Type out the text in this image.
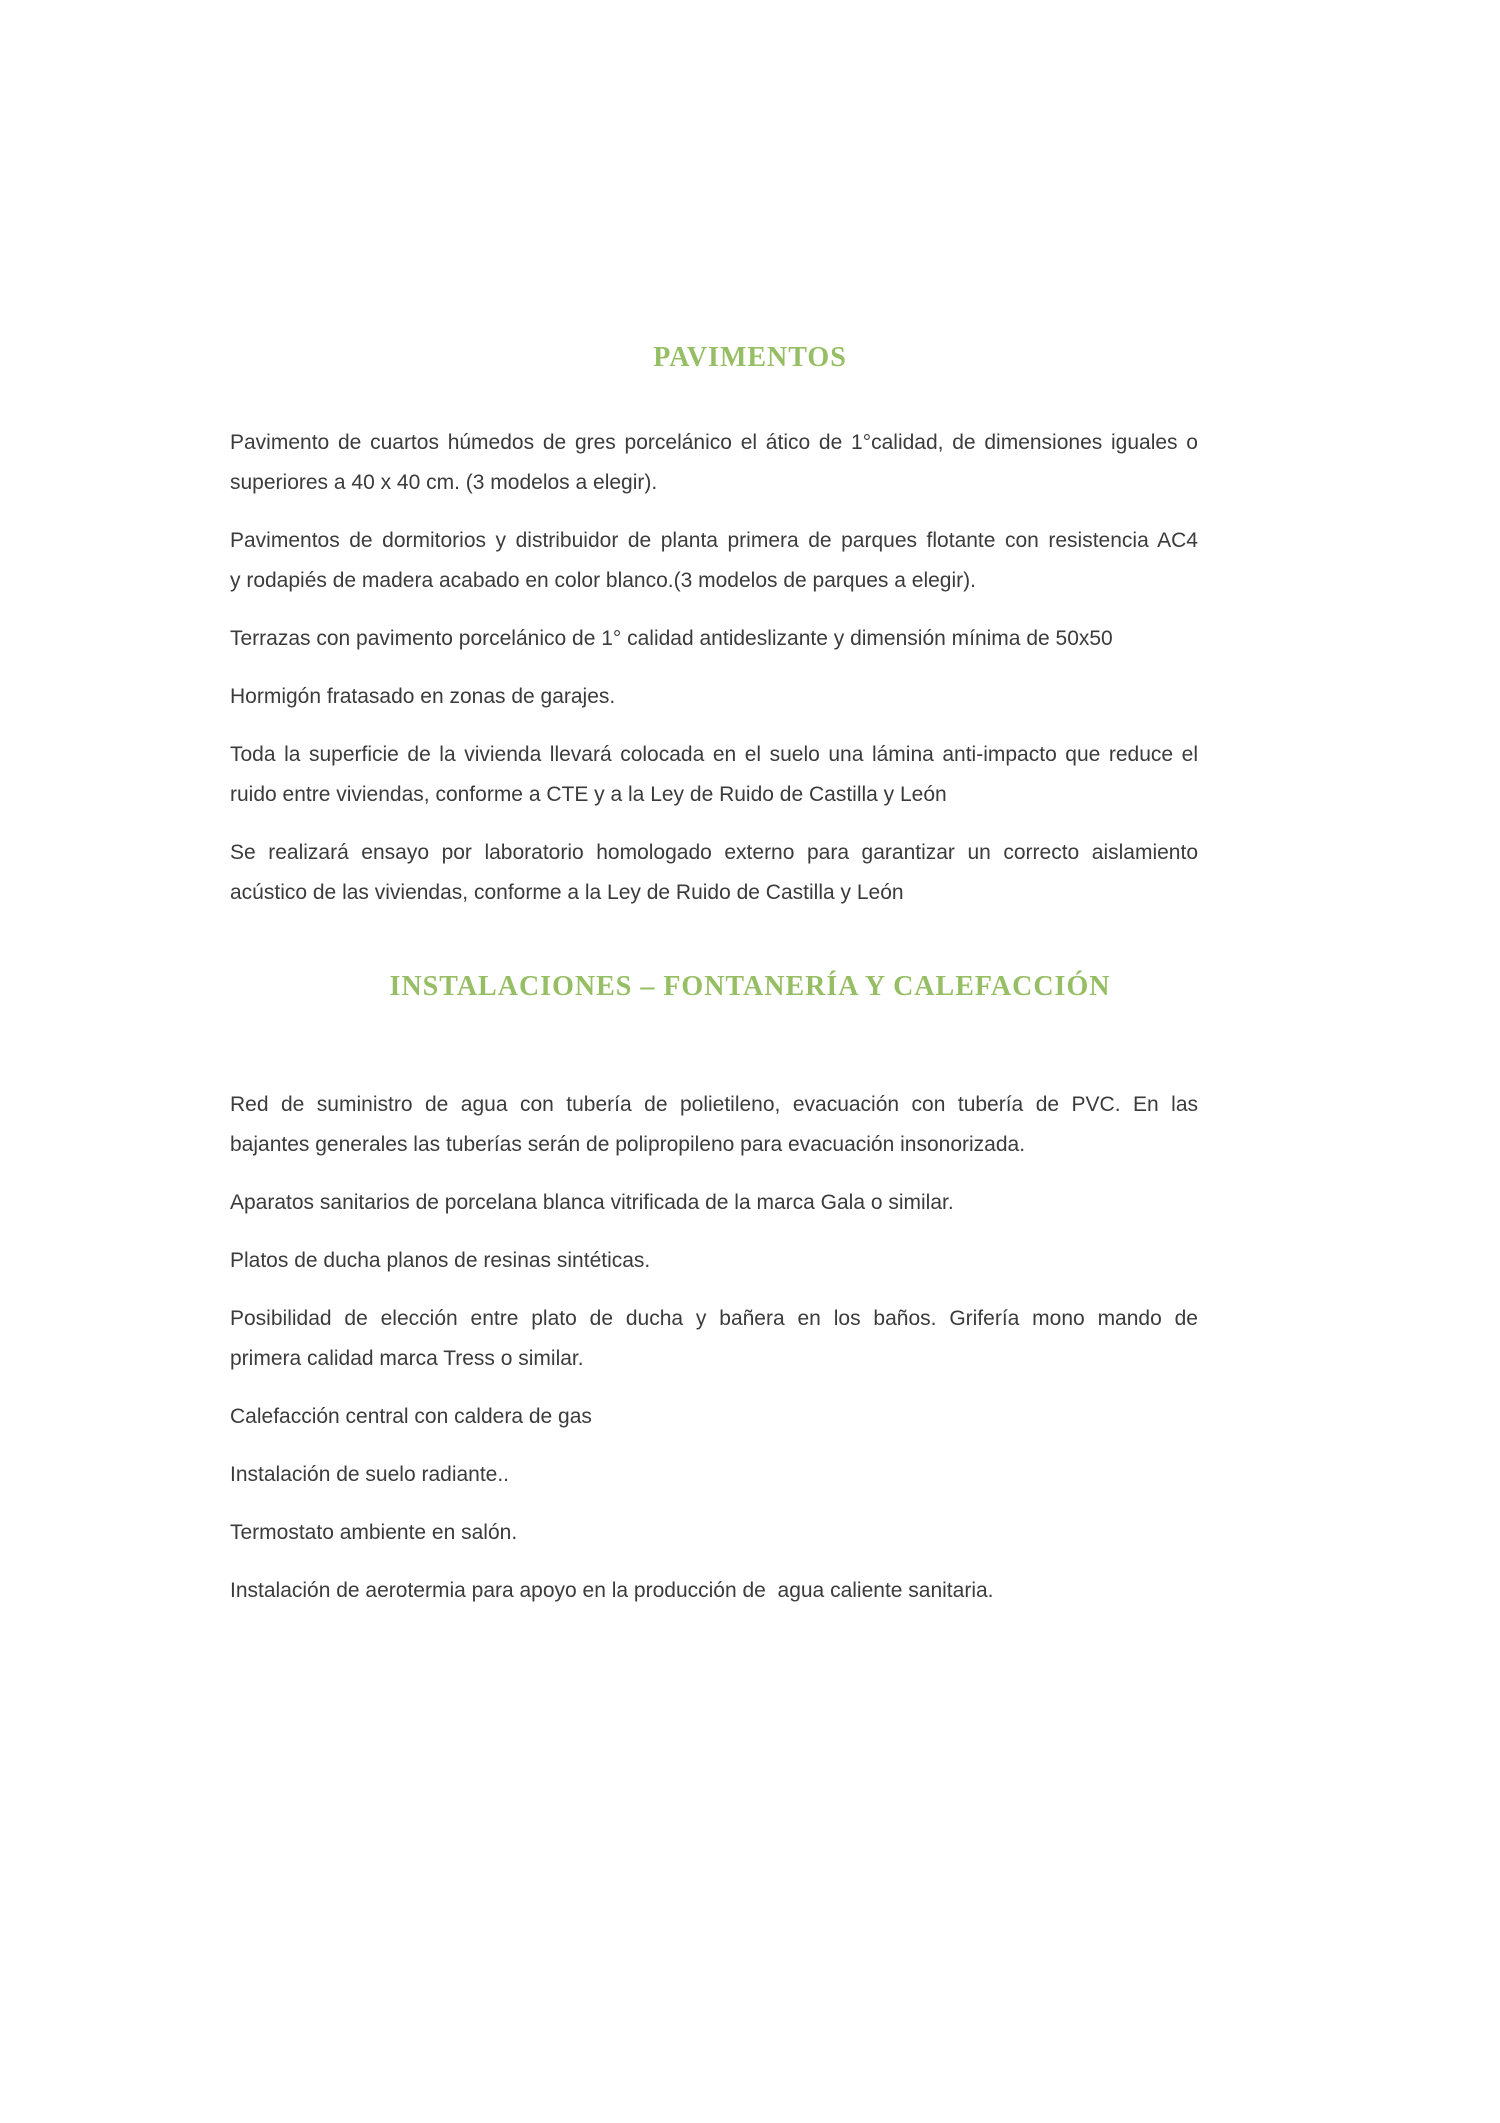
PAVIMENTOS
Pavimento de cuartos húmedos de gres porcelánico el ático de 1°calidad, de dimensiones iguales o
superiores a 40 x 40 cm. (3 modelos a elegir).
Pavimentos de dormitorios y distribuidor de planta primera de parques flotante con resistencia AC4
y rodapiés de madera acabado en color blanco.(3 modelos de parques a elegir).
Terrazas con pavimento porcelánico de 1° calidad antideslizante y dimensión mínima de 50x50
Hormigón fratasado en zonas de garajes.
Toda la superficie de la vivienda llevará colocada en el suelo una lámina anti-impacto que reduce el
ruido entre viviendas, conforme a CTE y a la Ley de Ruido de Castilla y León
Se realizará ensayo por laboratorio homologado externo para garantizar un correcto aislamiento
acústico de las viviendas, conforme a la Ley de Ruido de Castilla y León
INSTALACIONES – FONTANERÍA Y CALEFACCIÓN
Red de suministro de agua con tubería de polietileno, evacuación con tubería de PVC. En las
bajantes generales las tuberías serán de polipropileno para evacuación insonorizada.
Aparatos sanitarios de porcelana blanca vitrificada de la marca Gala o similar.
Platos de ducha planos de resinas sintéticas.
Posibilidad de elección entre plato de ducha y bañera en los baños. Grifería mono mando de
primera calidad marca Tress o similar.
Calefacción central con caldera de gas
Instalación de suelo radiante..
Termostato ambiente en salón.
Instalación de aerotermia para apoyo en la producción de  agua caliente sanitaria.
